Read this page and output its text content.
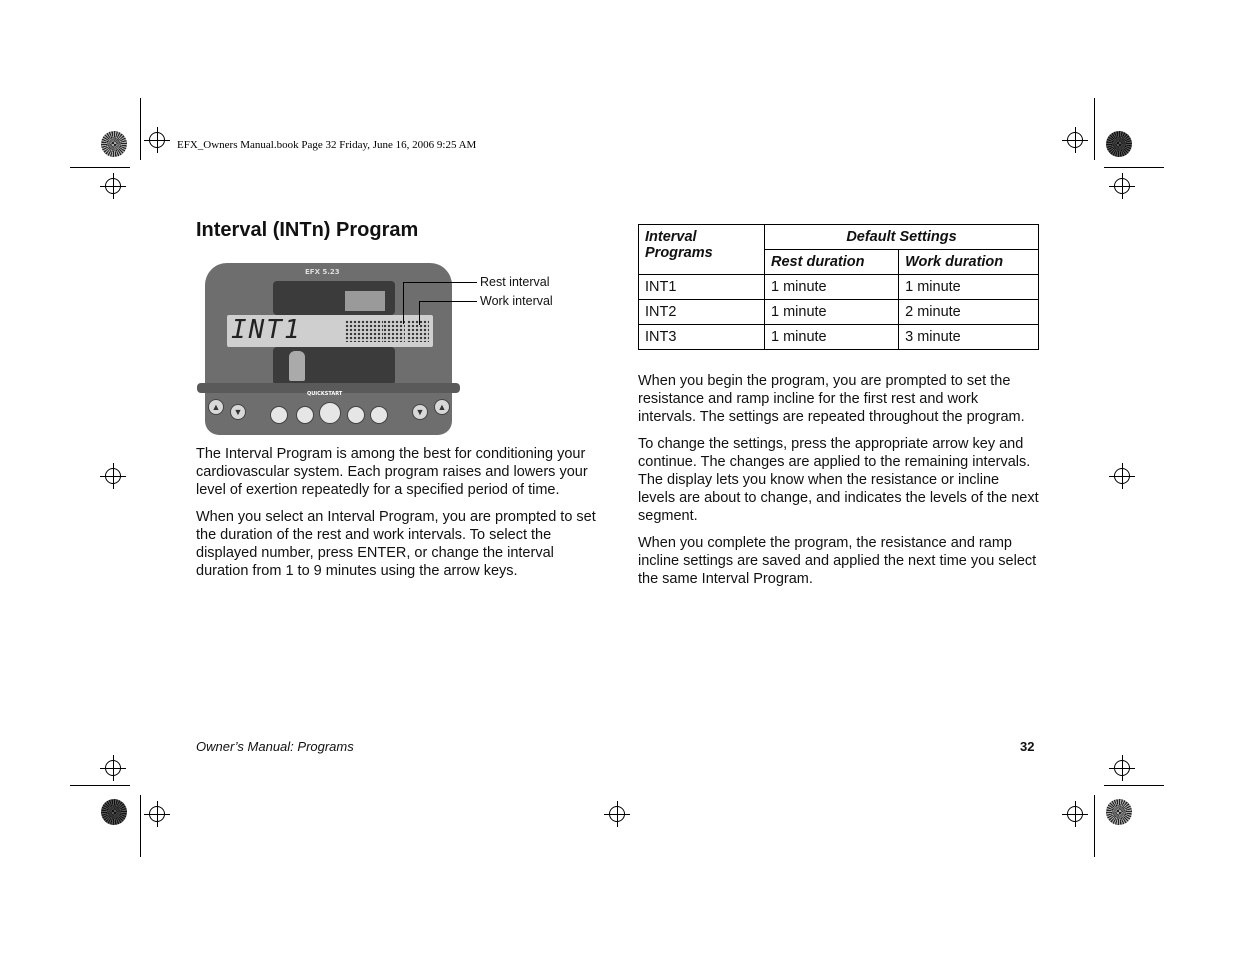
EFX_Owners Manual.book Page 32 Friday, June 16, 2006 9:25 AM
Interval (INTn) Program
EFX 5.23
INT1
QUICKSTART
▲	▼	▼	▲
Rest interval
Work interval

The Interval Program is among the best for conditioning your cardiovascular system. Each program raises and lowers your level of exertion repeatedly for a specified period of time.

When you select an Interval Program, you are prompted to set the duration of the rest and work intervals. To select the displayed number, press ENTER, or change the interval duration from 1 to 9 minutes using the arrow keys.

Interval Programs	Default Settings	
	Rest duration	Work duration
INT1	1 minute	1 minute
INT2	1 minute	2 minute
INT3	1 minute	3 minute

When you begin the program, you are prompted to set the resistance and ramp incline for the first rest and work intervals. The settings are repeated throughout the program.

To change the settings, press the appropriate arrow key and continue. The changes are applied to the remaining intervals. The display lets you know when the resistance or incline levels are about to change, and indicates the levels of the next segment.

When you complete the program, the resistance and ramp incline settings are saved and applied the next time you select the same Interval Program.

Owner’s Manual: Programs	32
